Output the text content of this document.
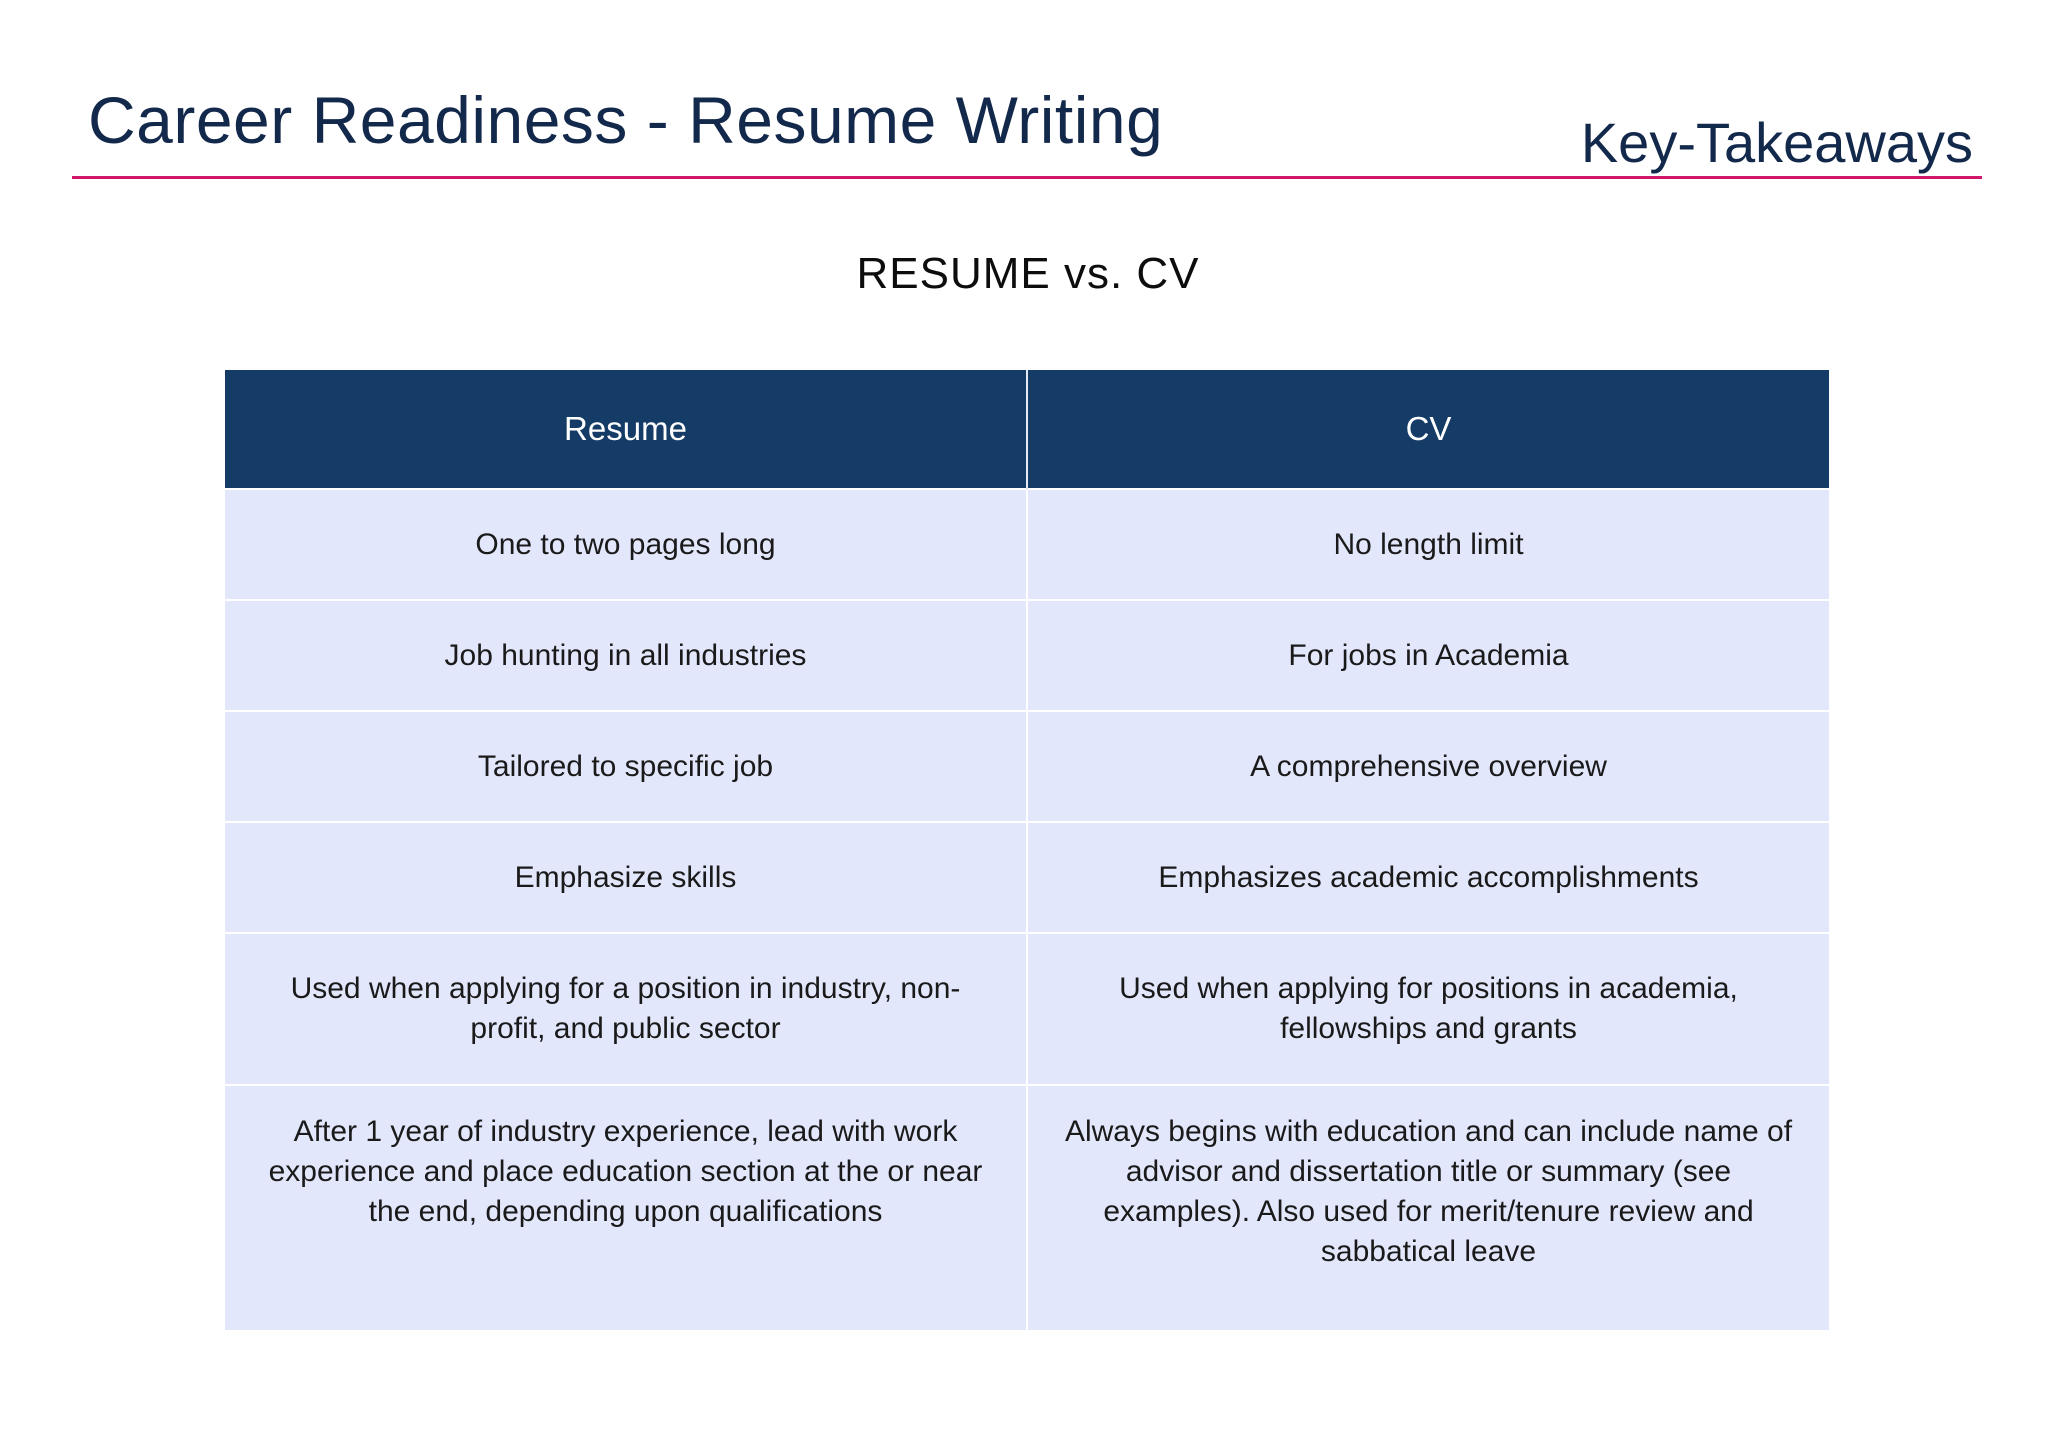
Career Readiness - Resume Writing	Key-Takeaways
RESUME vs. CV
Resume	CV
One to two pages long	No length limit
Job hunting in all industries	For jobs in Academia
Tailored to specific job	A comprehensive overview
Emphasize skills	Emphasizes academic accomplishments
Used when applying for a position in industry, non-profit, and public sector	Used when applying for positions in academia, fellowships and grants
After 1 year of industry experience, lead with work experience and place education section at the or near the end, depending upon qualifications	Always begins with education and can include name of advisor and dissertation title or summary (see examples). Also used for merit/tenure review and sabbatical leave
